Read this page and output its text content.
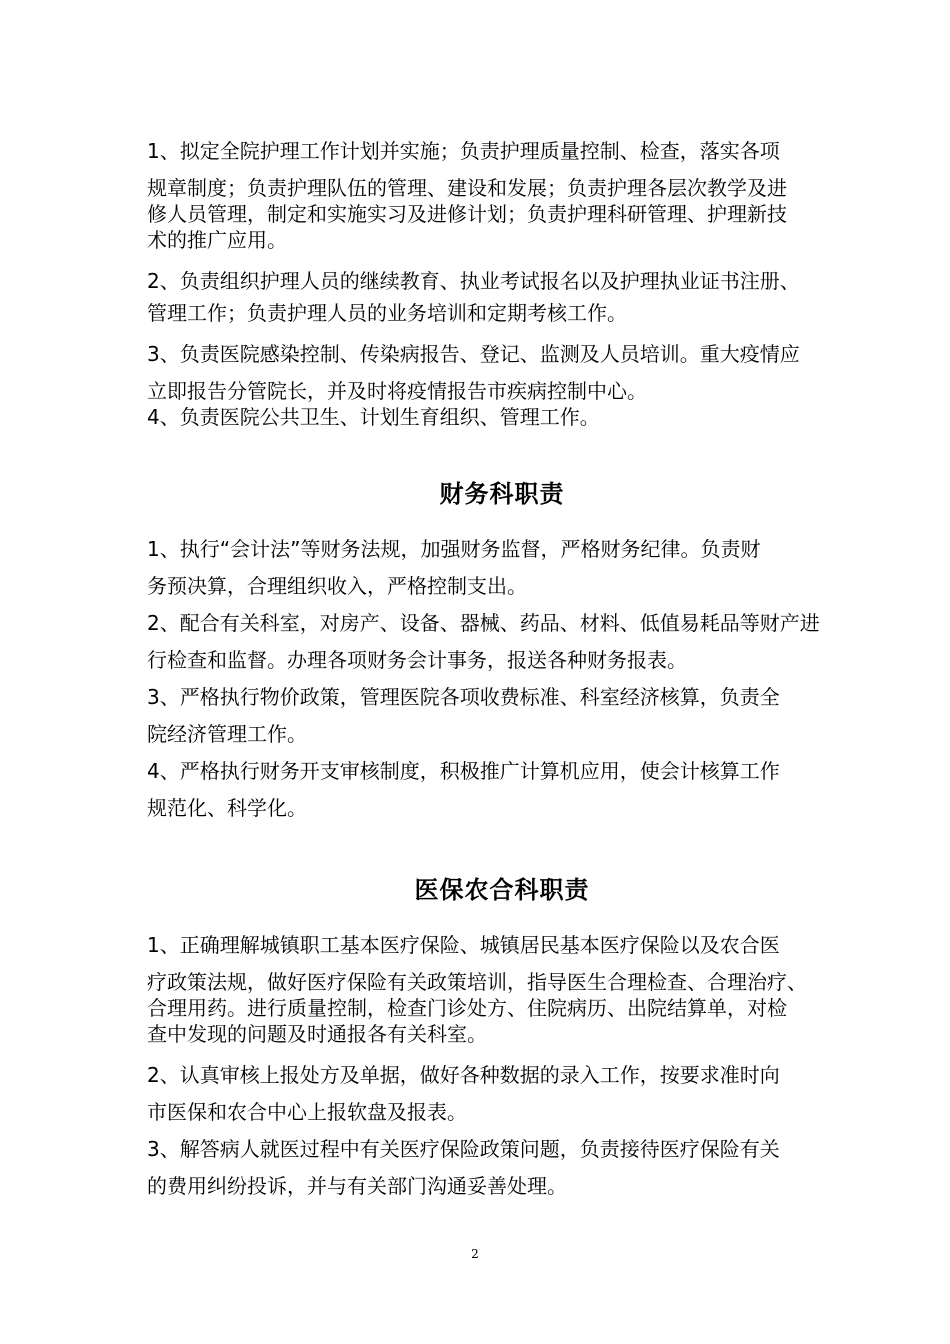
1、拟定全院护理工作计划并实施；负责护理质量控制、检查，落实各项
规章制度；负责护理队伍的管理、建设和发展；负责护理各层次教学及进
修人员管理，制定和实施实习及进修计划；负责护理科研管理、护理新技
术的推广应用。
2、负责组织护理人员的继续教育、执业考试报名以及护理执业证书注册、
管理工作；负责护理人员的业务培训和定期考核工作。
3、负责医院感染控制、传染病报告、登记、监测及人员培训。重大疫情应
立即报告分管院长，并及时将疫情报告市疾病控制中心。
4、负责医院公共卫生、计划生育组织、管理工作。
财务科职责
1、执行“会计法”等财务法规，加强财务监督，严格财务纪律。负责财
务预决算，合理组织收入，严格控制支出。
2、配合有关科室，对房产、设备、器械、药品、材料、低值易耗品等财产进
行检查和监督。办理各项财务会计事务，报送各种财务报表。
3、严格执行物价政策，管理医院各项收费标准、科室经济核算，负责全
院经济管理工作。
4、严格执行财务开支审核制度，积极推广计算机应用，使会计核算工作
规范化、科学化。
医保农合科职责
1、正确理解城镇职工基本医疗保险、城镇居民基本医疗保险以及农合医
疗政策法规，做好医疗保险有关政策培训，指导医生合理检查、合理治疗、
合理用药。进行质量控制，检查门诊处方、住院病历、出院结算单，对检
查中发现的问题及时通报各有关科室。
2、认真审核上报处方及单据，做好各种数据的录入工作，按要求准时向
市医保和农合中心上报软盘及报表。
3、解答病人就医过程中有关医疗保险政策问题，负责接待医疗保险有关
的费用纠纷投诉，并与有关部门沟通妥善处理。
2
